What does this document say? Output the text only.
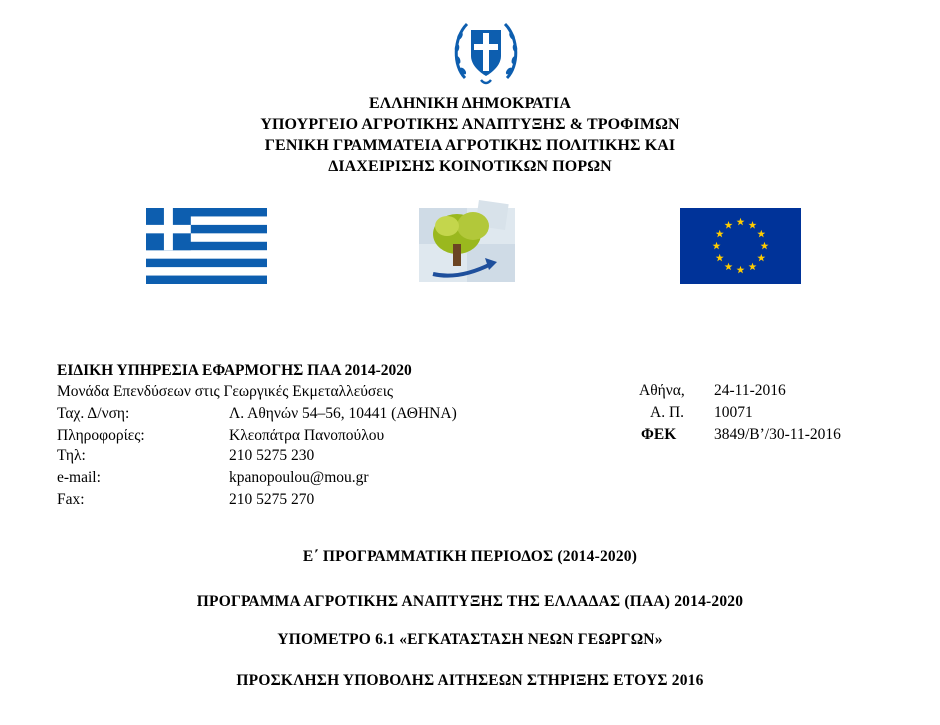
ΕΛΛΗΝΙΚΗ ΔΗΜΟΚΡΑΤΙΑ
ΥΠΟΥΡΓΕΙΟ ΑΓΡΟΤΙΚΗΣ ΑΝΑΠΤΥΞΗΣ & ΤΡΟΦΙΜΩΝ
ΓΕΝΙΚΗ ΓΡΑΜΜΑΤΕΙΑ ΑΓΡΟΤΙΚΗΣ ΠΟΛΙΤΙΚΗΣ ΚΑΙ
ΔΙΑΧΕΙΡΙΣΗΣ ΚΟΙΝΟΤΙΚΩΝ ΠΟΡΩΝ
ΕΙΔΙΚΗ ΥΠΗΡΕΣΙΑ ΕΦΑΡΜΟΓΗΣ ΠΑΑ 2014-2020
Μονάδα Επενδύσεων στις Γεωργικές Εκμεταλλεύσεις
Ταχ. Δ/νση:	Λ. Αθηνών 54–56, 10441 (ΑΘΗΝΑ)
Πληροφορίες:	Κλεοπάτρα Πανοπούλου
Τηλ:	210 5275 230
e-mail:	kpanopoulou@mou.gr
Fax:	210 5275 270
Αθήνα, 24-11-2016
Α. Π. 10071
ΦΕΚ 3849/Β’/30-11-2016
Ε΄ ΠΡΟΓΡΑΜΜΑΤΙΚΗ ΠΕΡΙΟΔΟΣ (2014-2020)
ΠΡΟΓΡΑΜΜΑ ΑΓΡΟΤΙΚΗΣ ΑΝΑΠΤΥΞΗΣ ΤΗΣ ΕΛΛΑΔΑΣ (ΠΑΑ) 2014-2020
ΥΠΟΜΕΤΡΟ 6.1 «ΕΓΚΑΤΑΣΤΑΣΗ ΝΕΩΝ ΓΕΩΡΓΩΝ»
ΠΡΟΣΚΛΗΣΗ ΥΠΟΒΟΛΗΣ ΑΙΤΗΣΕΩΝ ΣΤΗΡΙΞΗΣ ΕΤΟΥΣ 2016
